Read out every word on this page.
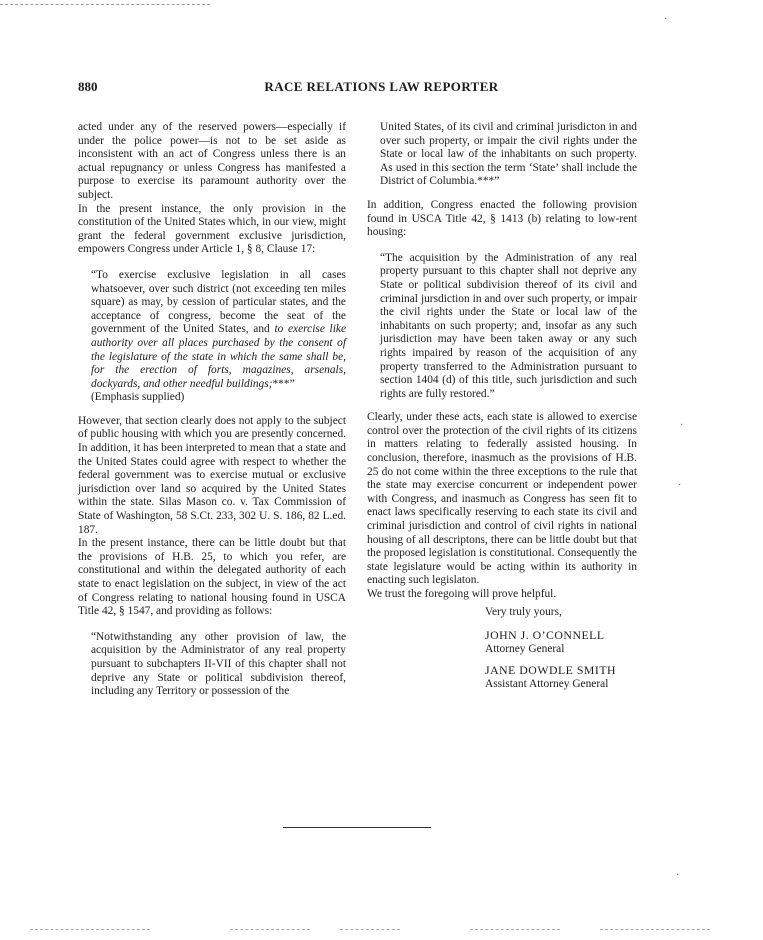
880	RACE RELATIONS LAW REPORTER

acted under any of the reserved powers—especially if under the police power—is not to be set aside as inconsistent with an act of Congress unless there is an actual repugnancy or unless Congress has manifested a purpose to exercise its paramount authority over the subject.

In the present instance, the only provision in the constitution of the United States which, in our view, might grant the federal government exclusive jurisdiction, empowers Congress under Article 1, § 8, Clause 17:

“To exercise exclusive legislation in all cases whatsoever, over such district (not exceeding ten miles square) as may, by cession of particular states, and the acceptance of congress, become the seat of the government of the United States, and to exercise like authority over all places purchased by the consent of the legislature of the state in which the same shall be, for the erection of forts, magazines, arsenals, dockyards, and other needful buildings;***”

(Emphasis supplied)

However, that section clearly does not apply to the subject of public housing with which you are presently concerned. In addition, it has been interpreted to mean that a state and the United States could agree with respect to whether the federal government was to exercise mutual or exclusive jurisdiction over land so acquired by the United States within the state. Silas Mason co. v. Tax Commission of State of Washington, 58 S.Ct. 233, 302 U. S. 186, 82 L.ed. 187.

In the present instance, there can be little doubt but that the provisions of H.B. 25, to which you refer, are constitutional and within the delegated authority of each state to enact legislation on the subject, in view of the act of Congress relating to national housing found in USCA Title 42, § 1547, and providing as follows:

“Notwithstanding any other provision of law, the acquisition by the Administrator of any real property pursuant to subchapters II-VII of this chapter shall not deprive any State or political subdivision thereof, including any Territory or possession of the

United States, of its civil and criminal jurisdicton in and over such property, or impair the civil rights under the State or local law of the inhabitants on such property. As used in this section the term ‘State’ shall include the District of Columbia.***”

In addition, Congress enacted the following provision found in USCA Title 42, § 1413 (b) relating to low-rent housing:

“The acquisition by the Administration of any real property pursuant to this chapter shall not deprive any State or political subdivision thereof of its civil and criminal jursdiction in and over such property, or impair the civil rights under the State or local law of the inhabitants on such property; and, insofar as any such jurisdiction may have been taken away or any such rights impaired by reason of the acquisition of any property transferred to the Administration pursuant to section 1404 (d) of this title, such jurisdiction and such rights are fully restored.”

Clearly, under these acts, each state is allowed to exercise control over the protection of the civil rights of its citizens in matters relating to federally assisted housing. In conclusion, therefore, inasmuch as the provisions of H.B. 25 do not come within the three exceptions to the rule that the state may exercise concurrent or independent power with Congress, and inasmuch as Congress has seen fit to enact laws specifically reserving to each state its civil and criminal jurisdiction and control of civil rights in national housing of all descriptons, there can be little doubt but that the proposed legislation is constitutional. Consequently the state legislature would be acting within its authority in enacting such legislaton.

We trust the foregoing will prove helpful.

Very truly yours,

JOHN J. O’CONNELL

Attorney General

JANE DOWDLE SMITH

Assistant Attorney General

·
·
·
·
